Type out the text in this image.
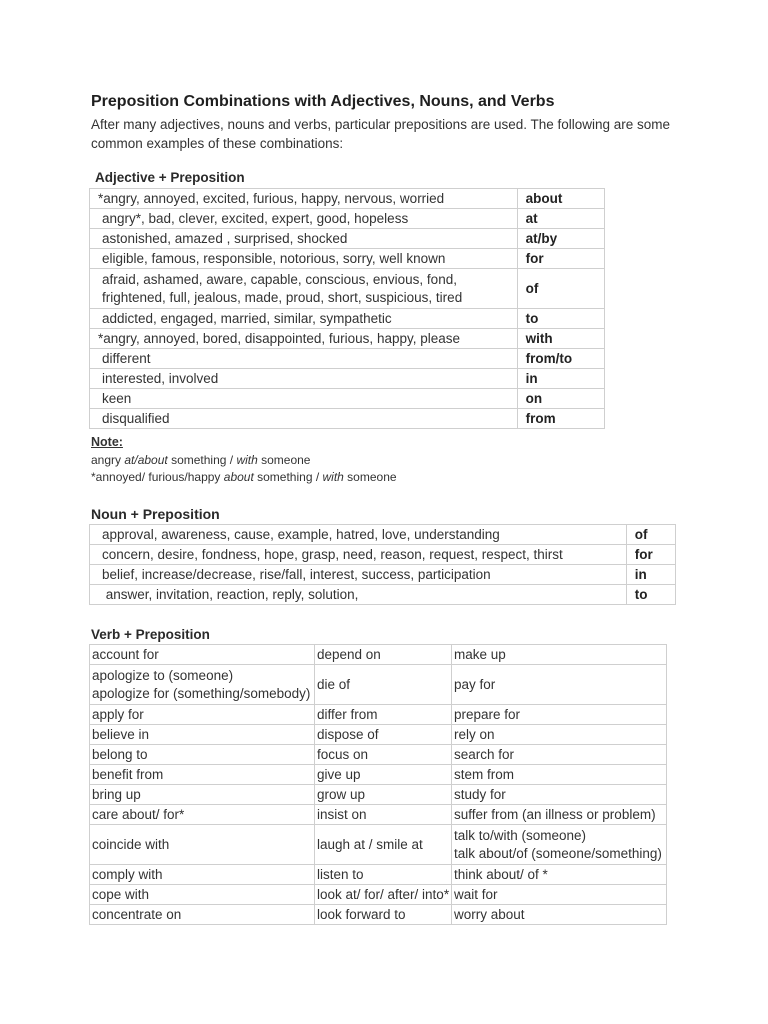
Preposition Combinations with Adjectives, Nouns, and Verbs

After many adjectives, nouns and verbs, particular prepositions are used. The following are some common examples of these combinations:

Adjective + Preposition
*angry, annoyed, excited, furious, happy, nervous, worried	about
angry*, bad, clever, excited, expert, good, hopeless	at
astonished, amazed , surprised, shocked	at/by
eligible, famous, responsible, notorious, sorry, well known	for
afraid, ashamed, aware, capable, conscious, envious, fond, frightened, full, jealous, made, proud, short, suspicious, tired	of
addicted, engaged, married, similar, sympathetic	to
*angry, annoyed, bored, disappointed, furious, happy, please	with
different	from/to
interested, involved	in
keen	on
disqualified	from
Note:
angry at/about something / with someone
*annoyed/ furious/happy about something / with someone
Noun + Preposition
approval, awareness, cause, example, hatred, love, understanding	of
concern, desire, fondness, hope, grasp, need, reason, request, respect, thirst	for
belief, increase/decrease, rise/fall, interest, success, participation	in
answer, invitation, reaction, reply, solution,	to
Verb + Preposition
account for	depend on	make up
apologize to (someone)
apologize for (something/somebody)	die of	pay for
apply for	differ from	prepare for
believe in	dispose of	rely on
belong to	focus on	search for
benefit from	give up	stem from
bring up	grow up	study for
care about/ for*	insist on	suffer from (an illness or problem)
coincide with	laugh at / smile at	talk to/with (someone)
talk about/of (someone/something)
comply with	listen to	think about/ of *
cope with	look at/ for/ after/ into*	wait for
concentrate on	look forward to	worry about
